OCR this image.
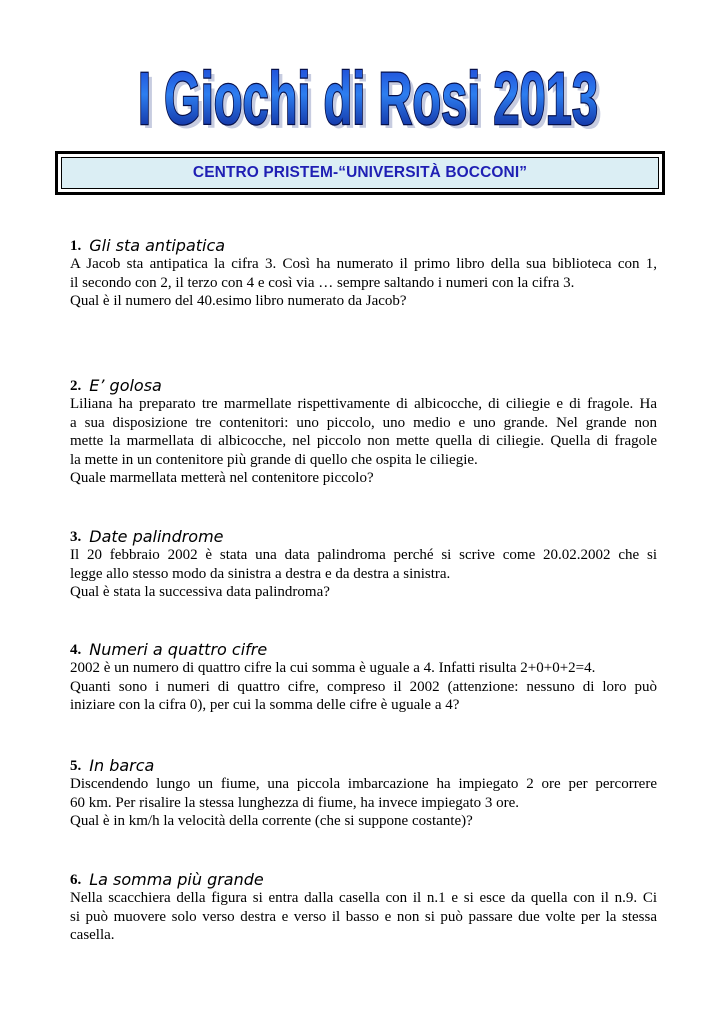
I Giochi di Rosi 2013
I Giochi di Rosi 2013
CENTRO PRISTEM-“UNIVERSITÀ BOCCONI”
1. Gli sta antipatica

A Jacob sta antipatica la cifra 3. Così ha numerato il primo libro della sua biblioteca con 1,

il secondo con 2, il terzo con 4 e così via … sempre saltando i numeri con la cifra 3.

Qual è il numero del 40.esimo libro numerato da Jacob?

2. E’ golosa

Liliana ha preparato tre marmellate rispettivamente di albicocche, di ciliegie e di fragole. Ha

a sua disposizione tre contenitori: uno piccolo, uno medio e uno grande. Nel grande non

mette la marmellata di albicocche, nel piccolo non mette quella di ciliegie. Quella di fragole

la mette in un contenitore più grande di quello che ospita le ciliegie.

Quale marmellata metterà nel contenitore piccolo?

3. Date palindrome

Il 20 febbraio 2002 è stata una data palindroma perché si scrive come 20.02.2002 che si

legge allo stesso modo da sinistra a destra e da destra a sinistra.

Qual è stata la successiva data palindroma?

4. Numeri a quattro cifre

2002 è un numero di quattro cifre la cui somma è uguale a 4. Infatti risulta 2+0+0+2=4.

Quanti sono i numeri di quattro cifre, compreso il 2002 (attenzione: nessuno di loro può

iniziare con la cifra 0), per cui la somma delle cifre è uguale a 4?

5. In barca

Discendendo lungo un fiume, una piccola imbarcazione ha impiegato 2 ore per percorrere

60 km. Per risalire la stessa lunghezza di fiume, ha invece impiegato 3 ore.

Qual è in km/h la velocità della corrente (che si suppone costante)?

6. La somma più grande

Nella scacchiera della figura si entra dalla casella con il n.1 e si esce da quella con il n.9. Ci

si può muovere solo verso destra e verso il basso e non si può passare due volte per la stessa

casella.
